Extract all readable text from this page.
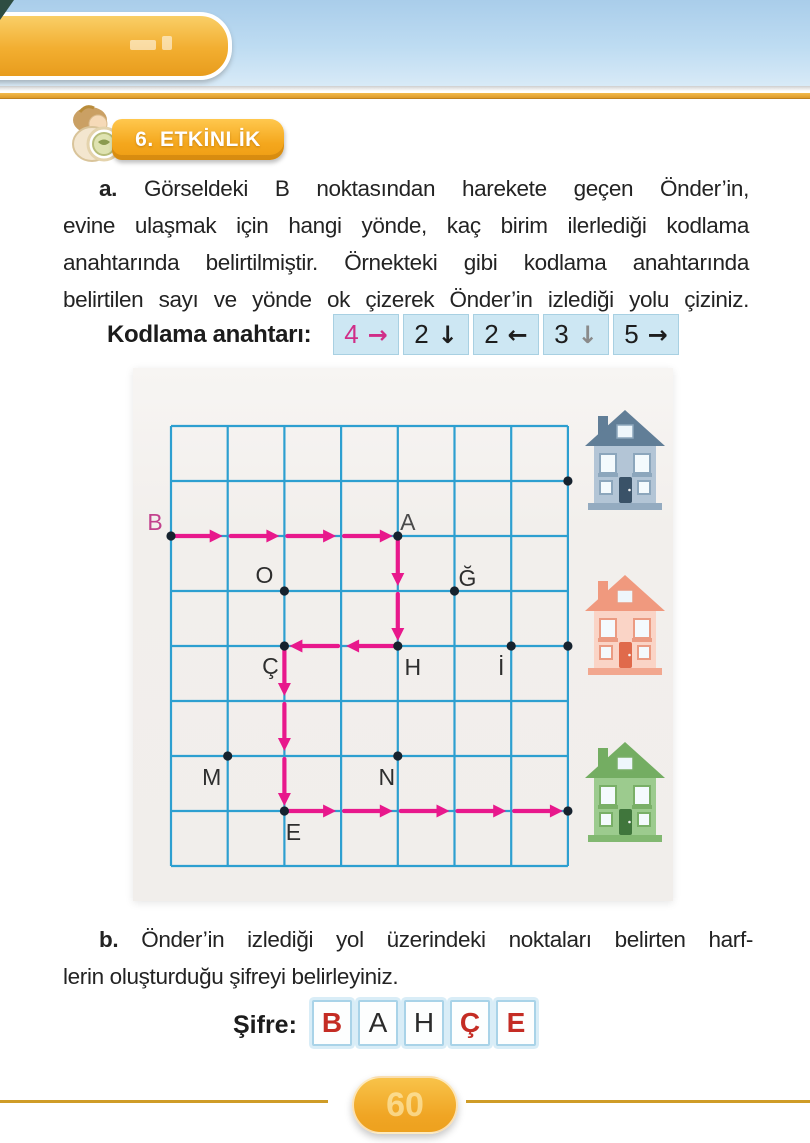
6. ETKİNLİK
a. Görseldeki B noktasından harekete geçen Önder’in,
evine ulaşmak için hangi yönde, kaç birim ilerlediği kodlama
anahtarında belirtilmiştir. Örnekteki gibi kodlama anahtarında
belirtilen sayı ve yönde ok çizerek Önder’in izlediği yolu çiziniz.
Kodlama anahtarı: 4 → 2 ↓ 2 ← 3 ↓ 5 →
B	A
O	Ğ
Ç	H	İ
M	N
E
b. Önder’in izlediği yol üzerindeki noktaları belirten harf-
lerin oluşturduğu şifreyi belirleyiniz.
Şifre: B A H Ç E
60
